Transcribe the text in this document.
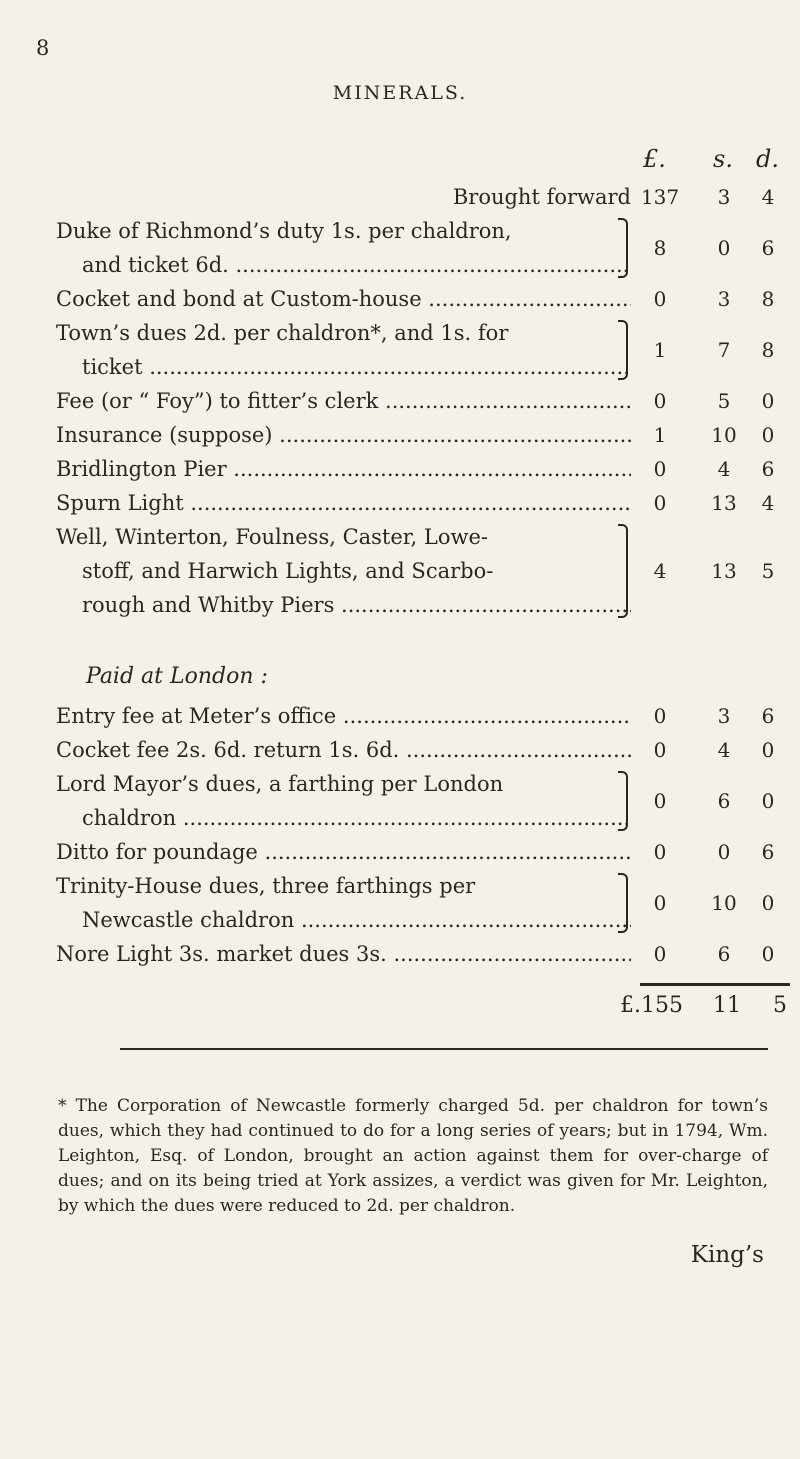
8
MINERALS.
£. s. d.
Brought forward 137 3 4
Duke of Richmond’s duty 1s. per chaldron,
and ticket 6d. .....
8	0 6
Cocket and bond at Custom-house .....	0	3 8
Town’s dues 2d. per chaldron*, and 1s. for
ticket .....
1	7 8
Fee (or “ Foy”) to fitter’s clerk .....	0	5 0
Insurance (suppose) .....	1 10 0
Bridlington Pier .....	0	4 6
Spurn Light .....	0 13 4
Well, Winterton, Foulness, Caster, Lowe-
stoff, and Harwich Lights, and Scarbo-
rough and Whitby Piers .....
4 13 5
Paid at London :
Entry fee at Meter’s office .....	0	3 6
Cocket fee 2s. 6d. return 1s. 6d. .....	0	4 0
Lord Mayor’s dues, a farthing per London
chaldron .....
0	6 0
Ditto for poundage .....	0	0 6
Trinity-House dues, three farthings per
Newcastle chaldron .....
0 10 0
Nore Light 3s. market dues 3s. .....	0	6 0
£.155 11 5
* The Corporation of Newcastle formerly charged 5d. per chaldron for town’s dues, which they had continued to do for a long series of years; but in 1794, Wm. Leighton, Esq. of London, brought an action against them for over-charge of dues; and on its being tried at York assizes, a verdict was given for Mr. Leighton, by which the dues were reduced to 2d. per chaldron.
King’s
